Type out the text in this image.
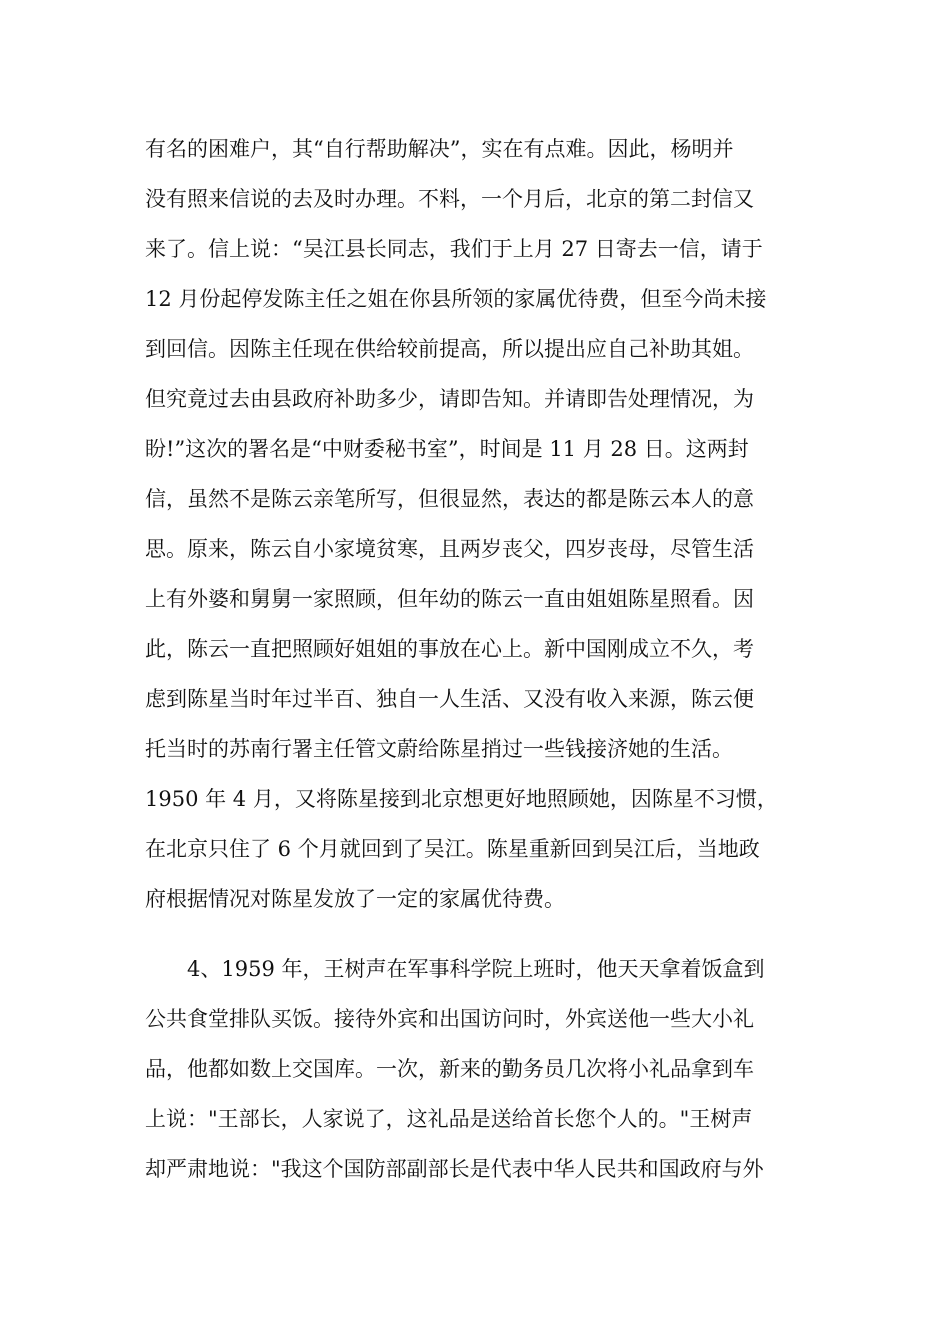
有名的困难户，其“自行帮助解决”，实在有点难。因此，杨明并
没有照来信说的去及时办理。不料，一个月后，北京的第二封信又
来了。信上说：“吴江县长同志，我们于上月 27 日寄去一信，请于
12 月份起停发陈主任之姐在你县所领的家属优待费，但至今尚未接
到回信。因陈主任现在供给较前提高，所以提出应自己补助其姐。
但究竟过去由县政府补助多少，请即告知。并请即告处理情况，为
盼!”这次的署名是“中财委秘书室”，时间是 11 月 28 日。这两封
信，虽然不是陈云亲笔所写，但很显然，表达的都是陈云本人的意
思。原来，陈云自小家境贫寒，且两岁丧父，四岁丧母，尽管生活
上有外婆和舅舅一家照顾，但年幼的陈云一直由姐姐陈星照看。因
此，陈云一直把照顾好姐姐的事放在心上。新中国刚成立不久，考
虑到陈星当时年过半百、独自一人生活、又没有收入来源，陈云便
托当时的苏南行署主任管文蔚给陈星捎过一些钱接济她的生活。
1950 年 4 月，又将陈星接到北京想更好地照顾她，因陈星不习惯，
在北京只住了 6 个月就回到了吴江。陈星重新回到吴江后，当地政
府根据情况对陈星发放了一定的家属优待费。
4、1959 年，王树声在军事科学院上班时，他天天拿着饭盒到
公共食堂排队买饭。接待外宾和出国访问时，外宾送他一些大小礼
品，他都如数上交国库。一次，新来的勤务员几次将小礼品拿到车
上说："王部长，人家说了，这礼品是送给首长您个人的。"王树声
却严肃地说："我这个国防部副部长是代表中华人民共和国政府与外
